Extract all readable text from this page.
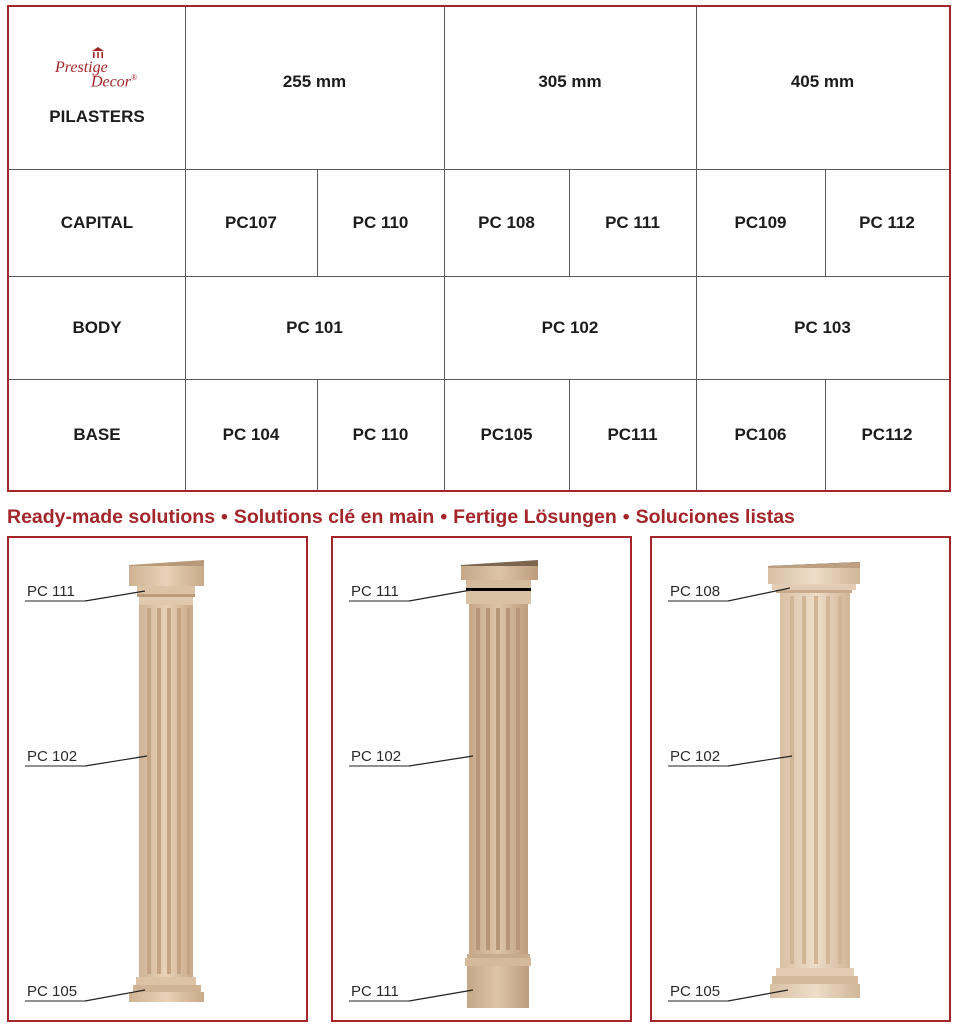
Prestige
Decor®
PILASTERS
255 mm	305 mm	405 mm
CAPITAL	PC107	PC 110	PC 108	PC 111	PC109	PC 112
BODY	PC 101	PC 102	PC 103
BASE	PC 104	PC 110	PC105	PC111	PC106	PC112
Ready-made solutions • Solutions clé en main • Fertige Lösungen • Soluciones listas
PC 111
PC 102
PC 105
PC 111
PC 102
PC 111
PC 108
PC 102
PC 105
